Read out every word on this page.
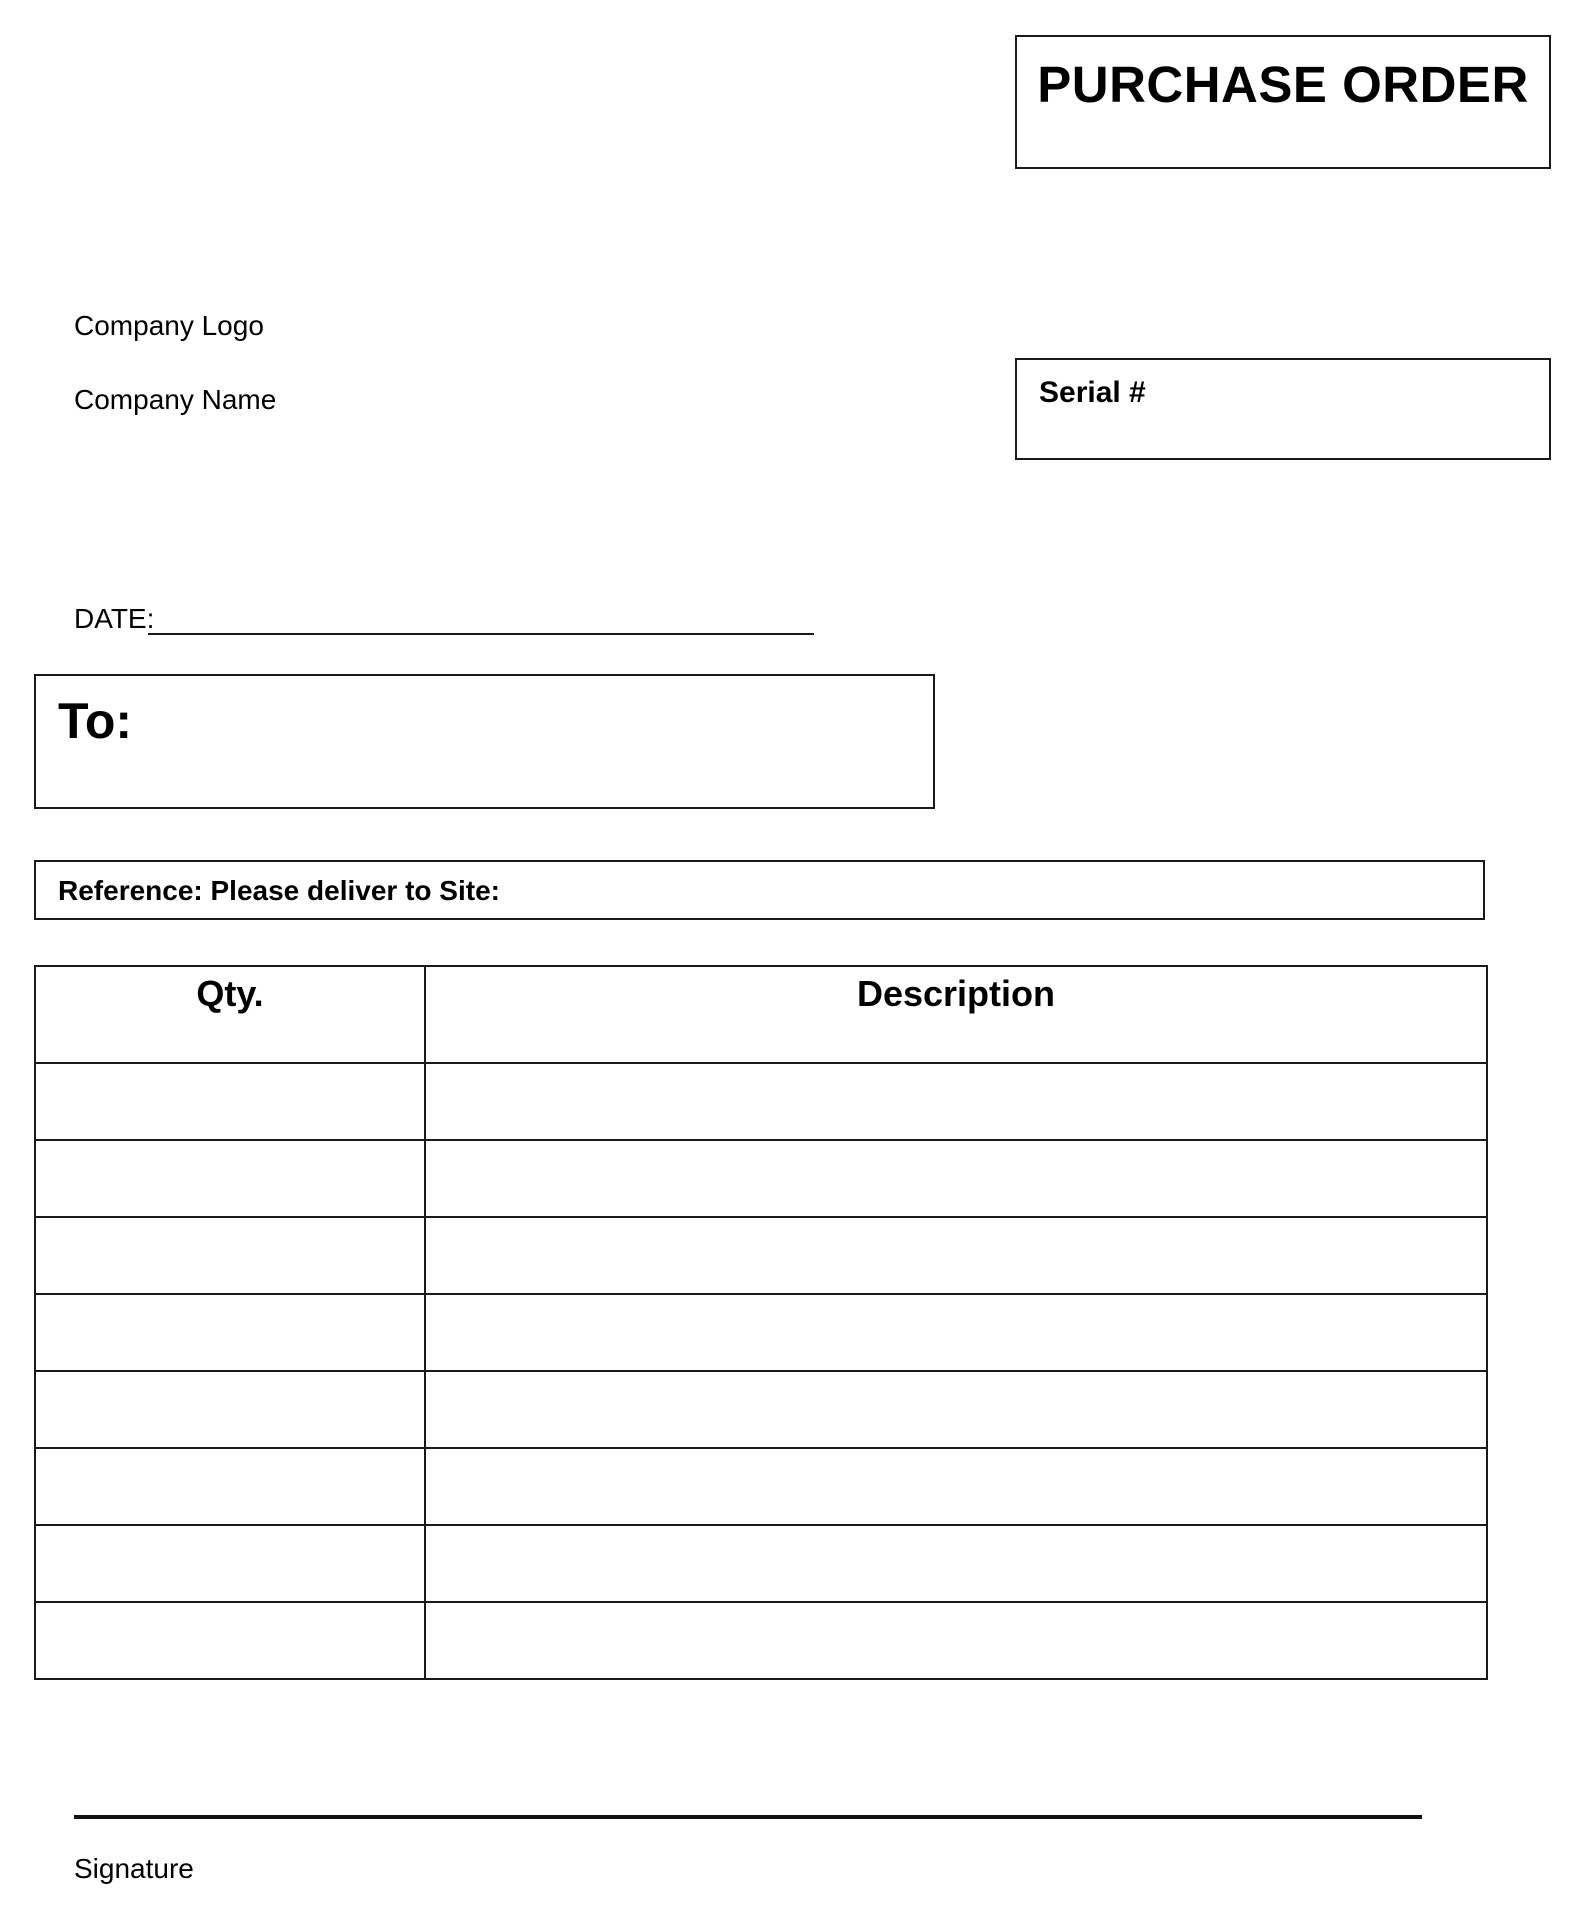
PURCHASE ORDER
Company Logo
Company Name	Serial #
DATE:
To:
Reference: Please deliver to Site:
Qty.	Description

Signature
